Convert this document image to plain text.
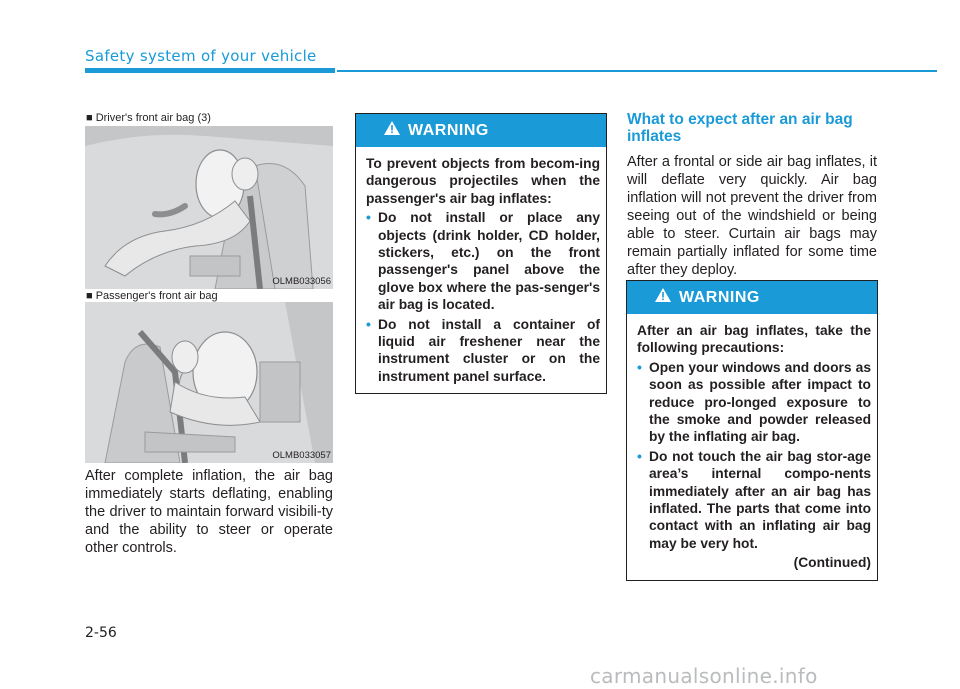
Safety system of your vehicle
■ Driver's front air bag (3)
OLMB033056
■ Passenger's front air bag
OLMB033057
After complete inflation, the air bag immediately starts deflating, enabling the driver to maintain forward visibili-ty and the ability to steer or operate other controls.
WARNING
To prevent objects from becom-ing dangerous projectiles when the passenger's air bag inflates:
• Do not install or place any objects (drink holder, CD holder, stickers, etc.) on the front passenger's panel above the glove box where the pas-senger's air bag is located.
• Do not install a container of liquid air freshener near the instrument cluster or on the instrument panel surface.
What to expect after an air bag inflates
After a frontal or side air bag inflates, it will deflate very quickly. Air bag inflation will not prevent the driver from seeing out of the windshield or being able to steer. Curtain air bags may remain partially inflated for some time after they deploy.
WARNING
After an air bag inflates, take the following precautions:
• Open your windows and doors as soon as possible after impact to reduce pro-longed exposure to the smoke and powder released by the inflating air bag.
• Do not touch the air bag stor-age area’s internal compo-nents immediately after an air bag has inflated. The parts that come into contact with an inflating air bag may be very hot.
(Continued)
2-56
carmanualsonline.info
